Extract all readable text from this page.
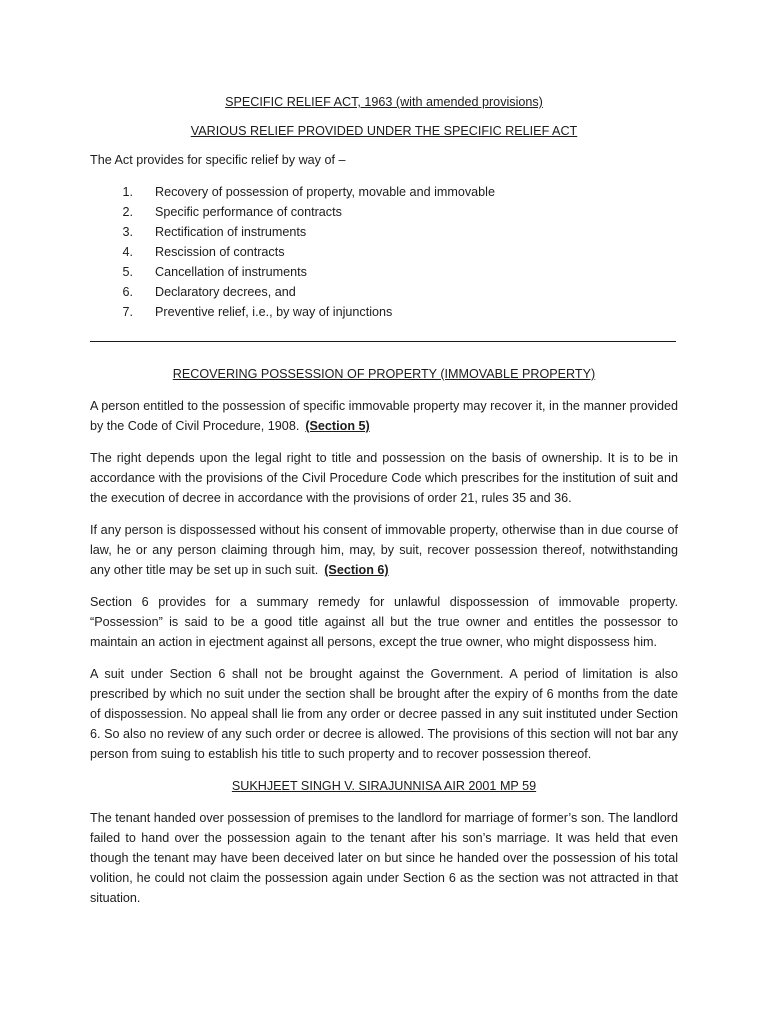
SPECIFIC RELIEF ACT, 1963 (with amended provisions)
VARIOUS RELIEF PROVIDED UNDER THE SPECIFIC RELIEF ACT

The Act provides for specific relief by way of –

1. Recovery of possession of property, movable and immovable
2. Specific performance of contracts
3. Rectification of instruments
4. Rescission of contracts
5. Cancellation of instruments
6. Declaratory decrees, and
7. Preventive relief, i.e., by way of injunctions
RECOVERING POSSESSION OF PROPERTY (IMMOVABLE PROPERTY)

A person entitled to the possession of specific immovable property may recover it, in the manner provided by the Code of Civil Procedure, 1908. (Section 5)

The right depends upon the legal right to title and possession on the basis of ownership. It is to be in accordance with the provisions of the Civil Procedure Code which prescribes for the institution of suit and the execution of decree in accordance with the provisions of order 21, rules 35 and 36.

If any person is dispossessed without his consent of immovable property, otherwise than in due course of law, he or any person claiming through him, may, by suit, recover possession thereof, notwithstanding any other title may be set up in such suit. (Section 6)

Section 6 provides for a summary remedy for unlawful dispossession of immovable property. “Possession” is said to be a good title against all but the true owner and entitles the possessor to maintain an action in ejectment against all persons, except the true owner, who might dispossess him.

A suit under Section 6 shall not be brought against the Government. A period of limitation is also prescribed by which no suit under the section shall be brought after the expiry of 6 months from the date of dispossession. No appeal shall lie from any order or decree passed in any suit instituted under Section 6. So also no review of any such order or decree is allowed. The provisions of this section will not bar any person from suing to establish his title to such property and to recover possession thereof.

SUKHJEET SINGH V. SIRAJUNNISA AIR 2001 MP 59

The tenant handed over possession of premises to the landlord for marriage of former’s son. The landlord failed to hand over the possession again to the tenant after his son’s marriage. It was held that even though the tenant may have been deceived later on but since he handed over the possession of his total volition, he could not claim the possession again under Section 6 as the section was not attracted in that situation.
